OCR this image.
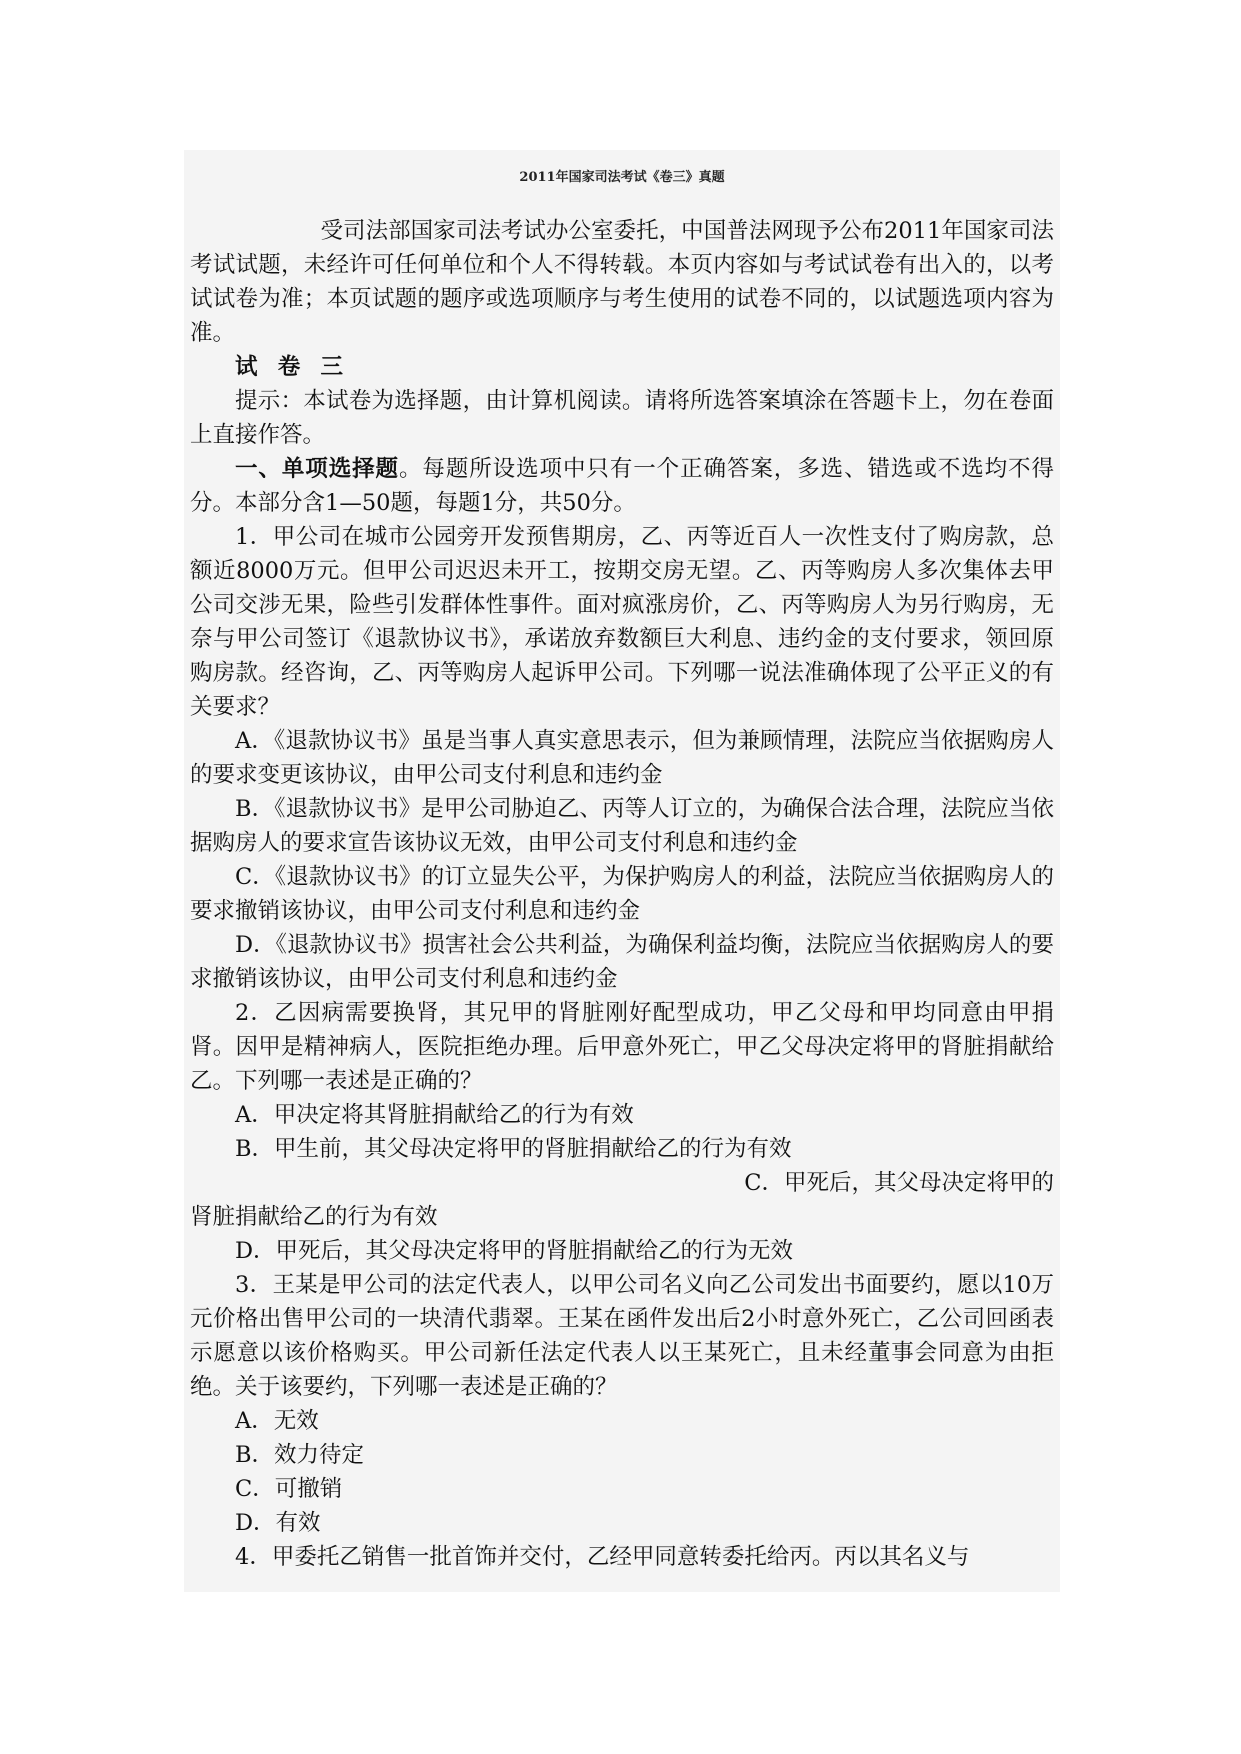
2011年国家司法考试《卷三》真题

受司法部国家司法考试办公室委托，中国普法网现予公布2011年国家司法考试试题，未经许可任何单位和个人不得转载。本页内容如与考试试卷有出入的，以考试试卷为准；本页试题的题序或选项顺序与考生使用的试卷不同的，以试题选项内容为准。

试卷三

提示：本试卷为选择题，由计算机阅读。请将所选答案填涂在答题卡上，勿在卷面上直接作答。

一、单项选择题。每题所设选项中只有一个正确答案，多选、错选或不选均不得分。本部分含1—50题，每题1分，共50分。

1．甲公司在城市公园旁开发预售期房，乙、丙等近百人一次性支付了购房款，总额近8000万元。但甲公司迟迟未开工，按期交房无望。乙、丙等购房人多次集体去甲公司交涉无果，险些引发群体性事件。面对疯涨房价，乙、丙等购房人为另行购房，无奈与甲公司签订《退款协议书》，承诺放弃数额巨大利息、违约金的支付要求，领回原购房款。经咨询，乙、丙等购房人起诉甲公司。下列哪一说法准确体现了公平正义的有关要求？

A．《退款协议书》虽是当事人真实意思表示，但为兼顾情理，法院应当依据购房人的要求变更该协议，由甲公司支付利息和违约金

B．《退款协议书》是甲公司胁迫乙、丙等人订立的，为确保合法合理，法院应当依据购房人的要求宣告该协议无效，由甲公司支付利息和违约金

C．《退款协议书》的订立显失公平，为保护购房人的利益，法院应当依据购房人的要求撤销该协议，由甲公司支付利息和违约金

D．《退款协议书》损害社会公共利益，为确保利益均衡，法院应当依据购房人的要求撤销该协议，由甲公司支付利息和违约金

2．乙因病需要换肾，其兄甲的肾脏刚好配型成功，甲乙父母和甲均同意由甲捐肾。因甲是精神病人，医院拒绝办理。后甲意外死亡，甲乙父母决定将甲的肾脏捐献给乙。下列哪一表述是正确的？

A．甲决定将其肾脏捐献给乙的行为有效

B．甲生前，其父母决定将甲的肾脏捐献给乙的行为有效

C．甲死后，其父母决定将甲的

肾脏捐献给乙的行为有效

D．甲死后，其父母决定将甲的肾脏捐献给乙的行为无效

3．王某是甲公司的法定代表人，以甲公司名义向乙公司发出书面要约，愿以10万元价格出售甲公司的一块清代翡翠。王某在函件发出后2小时意外死亡，乙公司回函表示愿意以该价格购买。甲公司新任法定代表人以王某死亡，且未经董事会同意为由拒绝。关于该要约，下列哪一表述是正确的？

A．无效

B．效力待定

C．可撤销

D．有效

4．甲委托乙销售一批首饰并交付，乙经甲同意转委托给丙。丙以其名义与
